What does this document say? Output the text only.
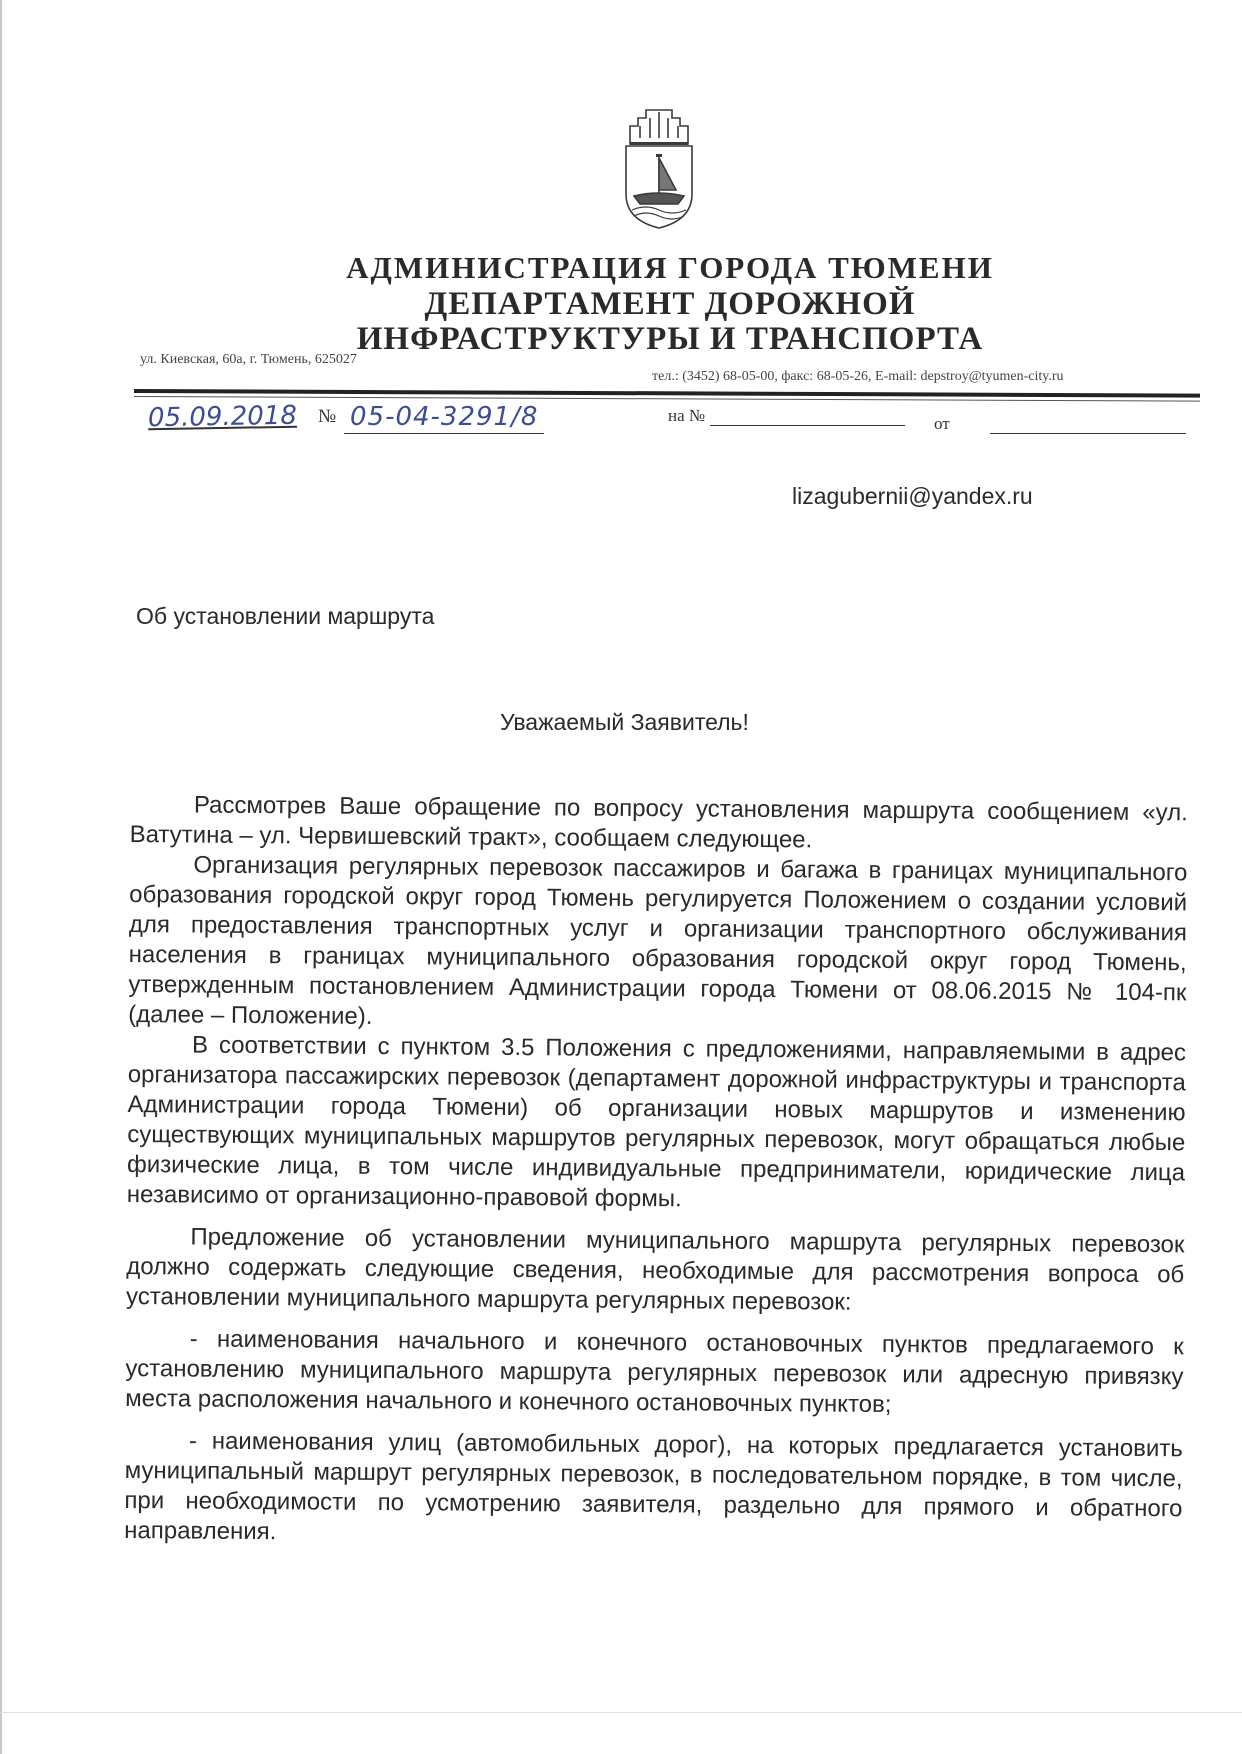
АДМИНИСТРАЦИЯ ГОРОДА ТЮМЕНИ
ДЕПАРТАМЕНТ ДОРОЖНОЙ
ИНФРАСТРУКТУРЫ И ТРАНСПОРТА
ул. Киевская, 60а, г. Тюмень, 625027
тел.: (3452) 68-05-00, факс: 68-05-26, E-mail: depstroy@tyumen-city.ru
05.09.2018 № 05-04-3291/8	на №	от
lizagubernii@yandex.ru
Об установлении маршрута
Уважаемый Заявитель!

Рассмотрев Ваше обращение по вопросу установления маршрута сообщением «ул. Ватутина – ул. Червишевский тракт», сообщаем следующее.

Организация регулярных перевозок пассажиров и багажа в границах муниципального образования городской округ город Тюмень регулируется Положением о создании условий для предоставления транспортных услуг и организации транспортного обслуживания населения в границах муниципального образования городской округ город Тюмень, утвержденным постановлением Администрации города Тюмени от 08.06.2015 № 104-пк (далее – Положение).

В соответствии с пунктом 3.5 Положения с предложениями, направляемыми в адрес организатора пассажирских перевозок (департамент дорожной инфраструктуры и транспорта Администрации города Тюмени) об организации новых маршрутов и изменению существующих муниципальных маршрутов регулярных перевозок, могут обращаться любые физические лица, в том числе индивидуальные предприниматели, юридические лица независимо от организационно-правовой формы.

Предложение об установлении муниципального маршрута регулярных перевозок должно содержать следующие сведения, необходимые для рассмотрения вопроса об установлении муниципального маршрута регулярных перевозок:

- наименования начального и конечного остановочных пунктов предлагаемого к установлению муниципального маршрута регулярных перевозок или адресную привязку места расположения начального и конечного остановочных пунктов;

- наименования улиц (автомобильных дорог), на которых предлагается установить муниципальный маршрут регулярных перевозок, в последовательном порядке, в том числе, при необходимости по усмотрению заявителя, раздельно для прямого и обратного направления.
